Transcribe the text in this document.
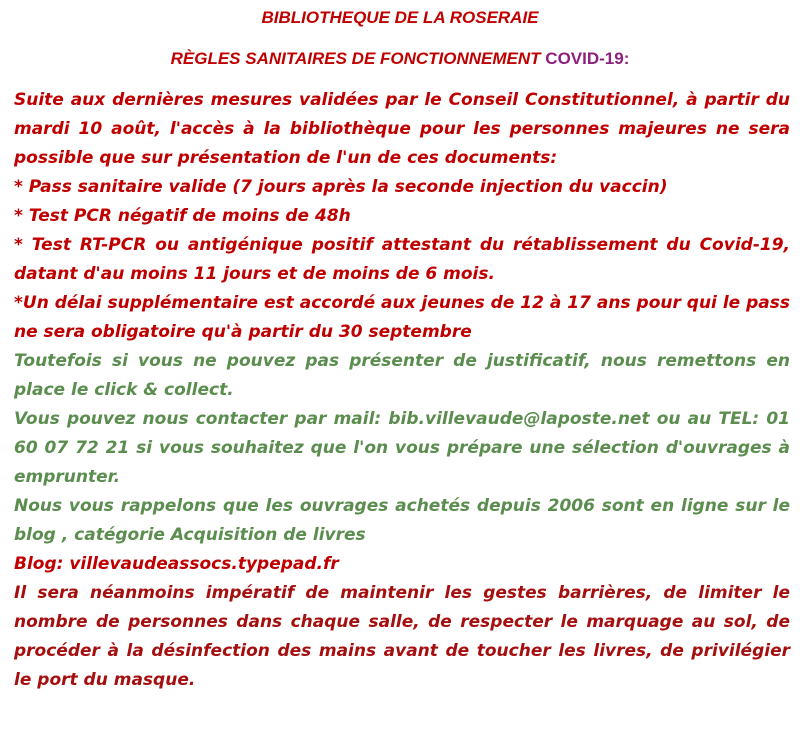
BIBLIOTHEQUE DE LA ROSERAIE
RÈGLES SANITAIRES DE FONCTIONNEMENT COVID-19:

Suite aux dernières mesures validées par le Conseil Constitutionnel, à partir du mardi 10 août, l'accès à la bibliothèque pour les personnes majeures ne sera possible que sur présentation de l'un de ces documents:

* Pass sanitaire valide (7 jours après la seconde injection du vaccin)

* Test PCR négatif de moins de 48h

* Test RT-PCR ou antigénique positif attestant du rétablissement du Covid-19, datant d'au moins 11 jours et de moins de 6 mois.

*Un délai supplémentaire est accordé aux jeunes de 12 à 17 ans pour qui le pass ne sera obligatoire qu'à partir du 30 septembre

Toutefois si vous ne pouvez pas présenter de justificatif, nous remettons en place le click & collect.

Vous pouvez nous contacter par mail: bib.villevaude@laposte.net ou au TEL: 01 60 07 72 21 si vous souhaitez que l'on vous prépare une sélection d'ouvrages à emprunter.

Nous vous rappelons que les ouvrages achetés depuis 2006 sont en ligne sur le blog , catégorie Acquisition de livres

Blog: villevaudeassocs.typepad.fr

Il sera néanmoins impératif de maintenir les gestes barrières, de limiter le nombre de personnes dans chaque salle, de respecter le marquage au sol, de procéder à la désinfection des mains avant de toucher les livres, de privilégier le port du masque.
